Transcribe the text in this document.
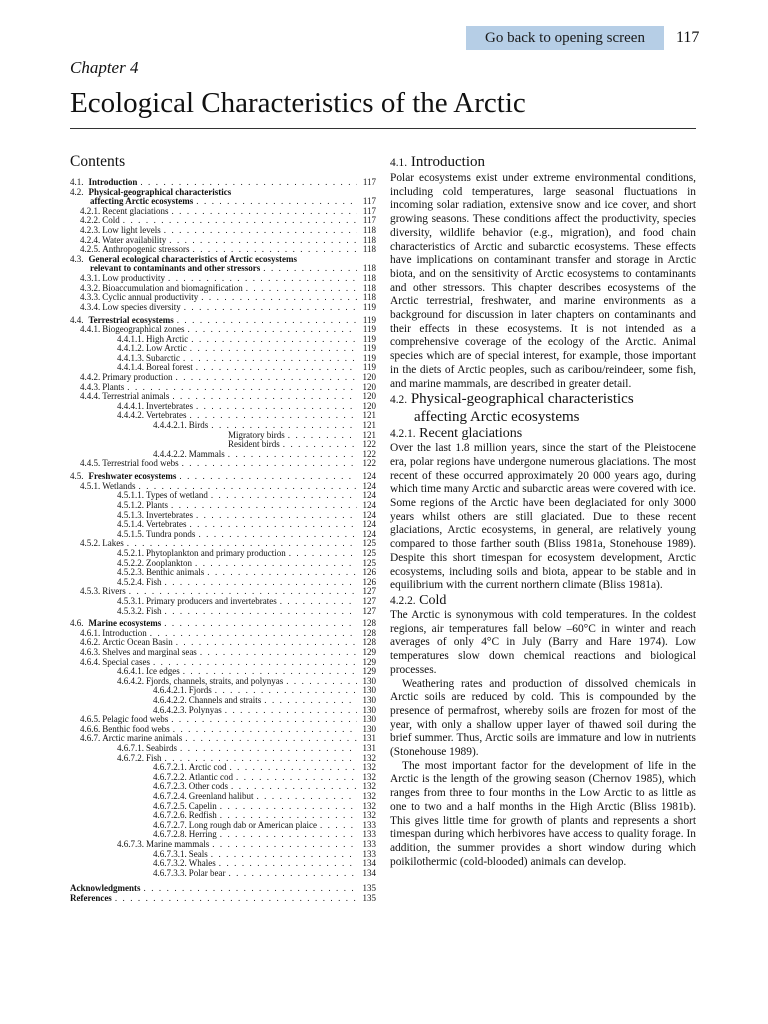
Go back to opening screen	117
Chapter 4
Ecological Characteristics of the Arctic
Contents
4.1. Introduction . . .	117
4.2. Physical-geographical characteristics
affecting Arctic ecosystems . . .	117
4.2.1. Recent glaciations . . .	117
4.2.2. Cold . . .	117
4.2.3. Low light levels . . .	118
4.2.4. Water availability . . .	118
4.2.5. Anthropogenic stressors . . .	118
4.3. General ecological characteristics of Arctic ecosystems
relevant to contaminants and other stressors . . .	118
4.3.1. Low productivity . . .	118
4.3.2. Bioaccumulation and biomagnification . . .	118
4.3.3. Cyclic annual productivity . . .	118
4.3.4. Low species diversity . . .	119
4.4. Terrestrial ecosystems . . .	119
4.4.1. Biogeographical zones . . .	119
4.4.1.1. High Arctic . . .	119
4.4.1.2. Low Arctic . . .	119
4.4.1.3. Subarctic . . .	119
4.4.1.4. Boreal forest . . .	119
4.4.2. Primary production . . .	120
4.4.3. Plants . . .	120
4.4.4. Terrestrial animals . . .	120
4.4.4.1. Invertebrates . . .	120
4.4.4.2. Vertebrates . . .	121
4.4.4.2.1. Birds . . .	121
Migratory birds . . .	121
Resident birds . . .	122
4.4.4.2.2. Mammals . . .	122
4.4.5. Terrestrial food webs . . .	122
4.5. Freshwater ecosystems . . .	124
4.5.1. Wetlands . . .	124
4.5.1.1. Types of wetland . . .	124
4.5.1.2. Plants . . .	124
4.5.1.3. Invertebrates . . .	124
4.5.1.4. Vertebrates . . .	124
4.5.1.5. Tundra ponds . . .	124
4.5.2. Lakes . . .	125
4.5.2.1. Phytoplankton and primary production . . .	125
4.5.2.2. Zooplankton . . .	125
4.5.2.3. Benthic animals . . .	126
4.5.2.4. Fish . . .	126
4.5.3. Rivers . . .	127
4.5.3.1. Primary producers and invertebrates . . .	127
4.5.3.2. Fish . . .	127
4.6. Marine ecosystems . . .	128
4.6.1. Introduction . . .	128
4.6.2. Arctic Ocean Basin . . .	128
4.6.3. Shelves and marginal seas . . .	129
4.6.4. Special cases . . .	129
4.6.4.1. Ice edges . . .	129
4.6.4.2. Fjords, channels, straits, and polynyas . . .	130
4.6.4.2.1. Fjords . . .	130
4.6.4.2.2. Channels and straits . . .	130
4.6.4.2.3. Polynyas . . .	130
4.6.5. Pelagic food webs . . .	130
4.6.6. Benthic food webs . . .	130
4.6.7. Arctic marine animals . . .	131
4.6.7.1. Seabirds . . .	131
4.6.7.2. Fish . . .	132
4.6.7.2.1. Arctic cod . . .	132
4.6.7.2.2. Atlantic cod . . .	132
4.6.7.2.3. Other cods . . .	132
4.6.7.2.4. Greenland halibut . . .	132
4.6.7.2.5. Capelin . . .	132
4.6.7.2.6. Redfish . . .	132
4.6.7.2.7. Long rough dab or American plaice . . .	133
4.6.7.2.8. Herring . . .	133
4.6.7.3. Marine mammals . . .	133
4.6.7.3.1. Seals . . .	133
4.6.7.3.2. Whales . . .	134
4.6.7.3.3. Polar bear . . .	134
Acknowledgments . . .	135
References . . .	135
4.1. Introduction

Polar ecosystems exist under extreme environmental conditions, including cold temperatures, large seasonal fluctuations in incoming solar radiation, extensive snow and ice cover, and short growing seasons. These conditions affect the productivity, species diversity, wildlife behavior (e.g., migration), and food chain characteristics of Arctic and subarctic ecosystems. These effects have implications on contaminant transfer and storage in Arctic biota, and on the sensitivity of Arctic ecosystems to contaminants and other stressors. This chapter describes ecosystems of the Arctic terrestrial, freshwater, and marine environments as a background for discussion in later chapters on contaminants and their effects in these ecosystems. It is not intended as a comprehensive coverage of the ecology of the Arctic. Animal species which are of special interest, for example, those important in the diets of Arctic peoples, such as caribou/reindeer, some fish, and marine mammals, are described in greater detail.

4.2. Physical-geographical characteristics
affecting Arctic ecosystems
4.2.1. Recent glaciations

Over the last 1.8 million years, since the start of the Pleistocene era, polar regions have undergone numerous glaciations. The most recent of these occurred approximately 20 000 years ago, during which time many Arctic and subarctic areas were covered with ice. Some regions of the Arctic have been deglaciated for only 3000 years whilst others are still glaciated. Due to these recent glaciations, Arctic ecosystems, in general, are relatively young compared to those farther south (Bliss 1981a, Stonehouse 1989). Despite this short timespan for ecosystem development, Arctic ecosystems, including soils and biota, appear to be stable and in equilibrium with the current northern climate (Bliss 1981a).

4.2.2. Cold

The Arctic is synonymous with cold temperatures. In the coldest regions, air temperatures fall below –60°C in winter and reach averages of only 4°C in July (Barry and Hare 1974). Low temperatures slow down chemical reactions and biological processes.

Weathering rates and production of dissolved chemicals in Arctic soils are reduced by cold. This is compounded by the presence of permafrost, whereby soils are frozen for most of the year, with only a shallow upper layer of thawed soil during the brief summer. Thus, Arctic soils are immature and low in nutrients (Stonehouse 1989).

The most important factor for the development of life in the Arctic is the length of the growing season (Chernov 1985), which ranges from three to four months in the Low Arctic to as little as one to two and a half months in the High Arctic (Bliss 1981b). This gives little time for growth of plants and represents a short timespan during which herbivores have access to quality forage. In addition, the summer provides a short window during which poikilothermic (cold-blooded) animals can develop.
